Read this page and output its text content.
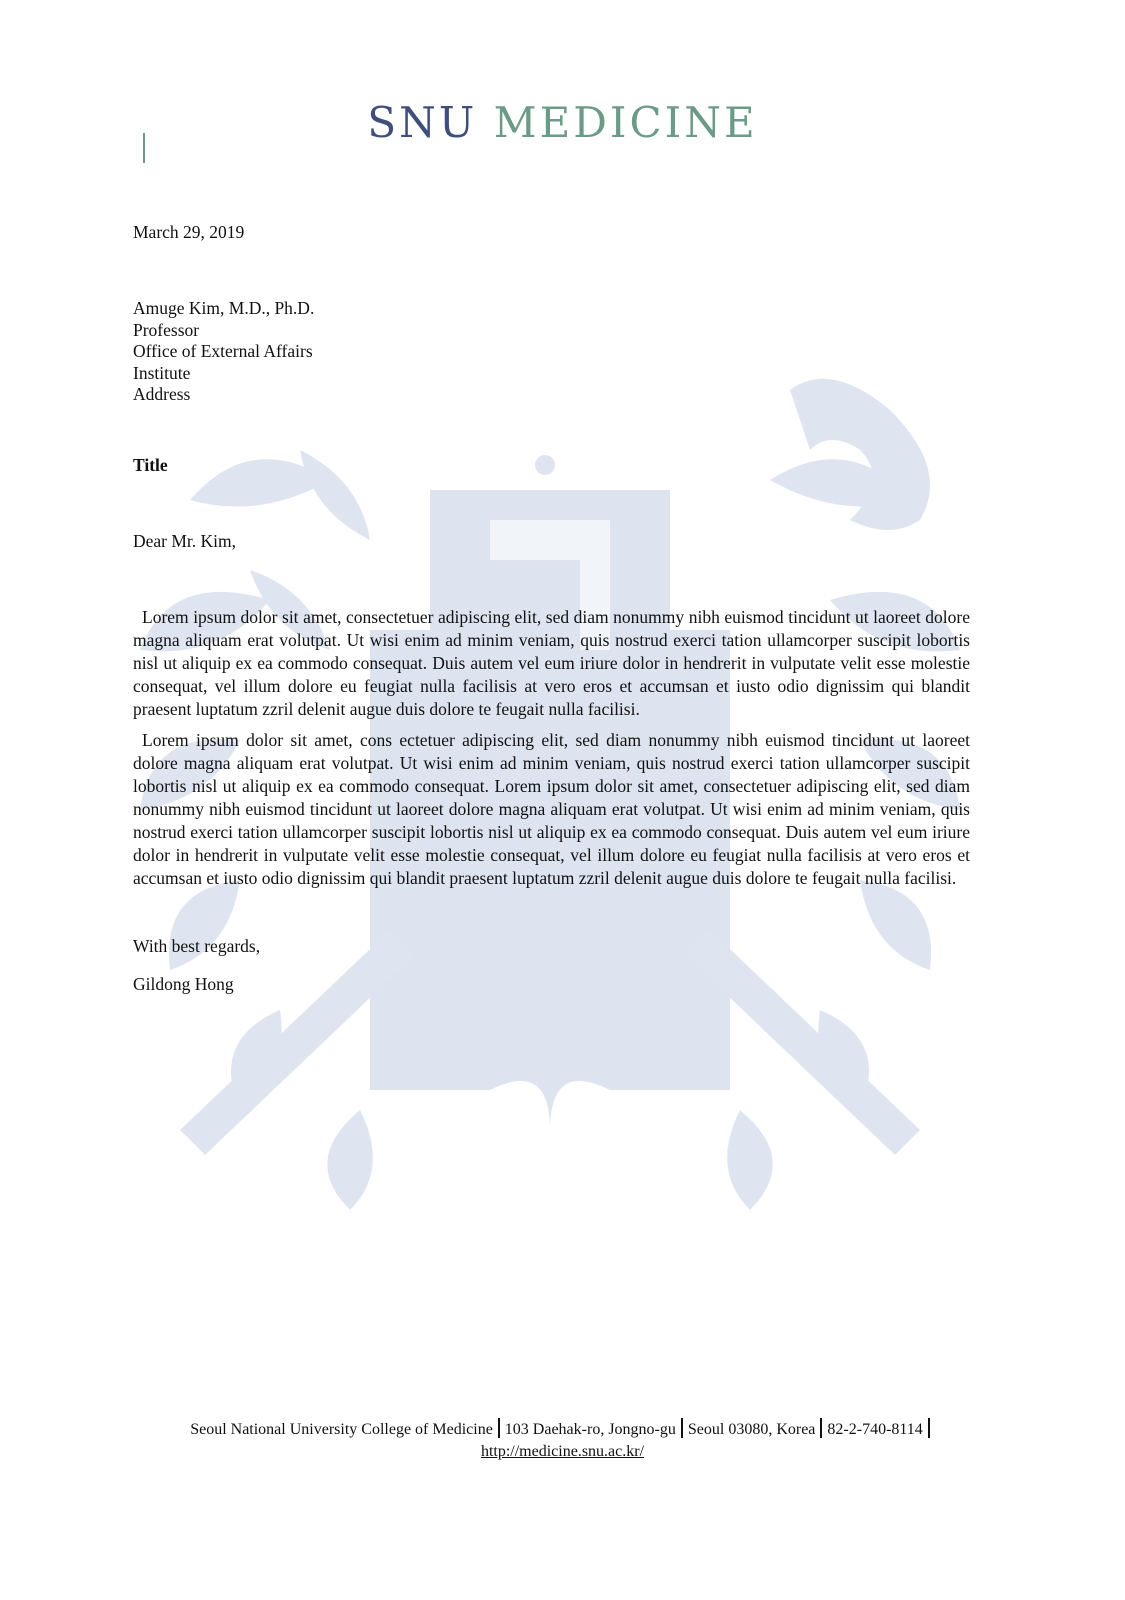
SNU MEDICINE
March 29, 2019
Amuge Kim, M.D., Ph.D.
Professor
Office of External Affairs
Institute
Address
Title
Dear Mr. Kim,

Lorem ipsum dolor sit amet, consectetuer adipiscing elit, sed diam nonummy nibh euismod tincidunt ut laoreet dolore magna aliquam erat volutpat. Ut wisi enim ad minim veniam, quis nostrud exerci tation ullamcorper suscipit lobortis nisl ut aliquip ex ea commodo consequat. Duis autem vel eum iriure dolor in hendrerit in vulputate velit esse molestie consequat, vel illum dolore eu feugiat nulla facilisis at vero eros et accumsan et iusto odio dignissim qui blandit praesent luptatum zzril delenit augue duis dolore te feugait nulla facilisi.

Lorem ipsum dolor sit amet, cons ectetuer adipiscing elit, sed diam nonummy nibh euismod tincidunt ut laoreet dolore magna aliquam erat volutpat. Ut wisi enim ad minim veniam, quis nostrud exerci tation ullamcorper suscipit lobortis nisl ut aliquip ex ea commodo consequat. Lorem ipsum dolor sit amet, consectetuer adipiscing elit, sed diam nonummy nibh euismod tincidunt ut laoreet dolore magna aliquam erat volutpat. Ut wisi enim ad minim veniam, quis nostrud exerci tation ullamcorper suscipit lobortis nisl ut aliquip ex ea commodo consequat. Duis autem vel eum iriure dolor in hendrerit in vulputate velit esse molestie consequat, vel illum dolore eu feugiat nulla facilisis at vero eros et accumsan et iusto odio dignissim qui blandit praesent luptatum zzril delenit augue duis dolore te feugait nulla facilisi.

With best regards,
Gildong Hong
Seoul National University College of Medicine 103 Daehak-ro, Jongno-gu Seoul 03080, Korea 82-2-740-8114
http://medicine.snu.ac.kr/
